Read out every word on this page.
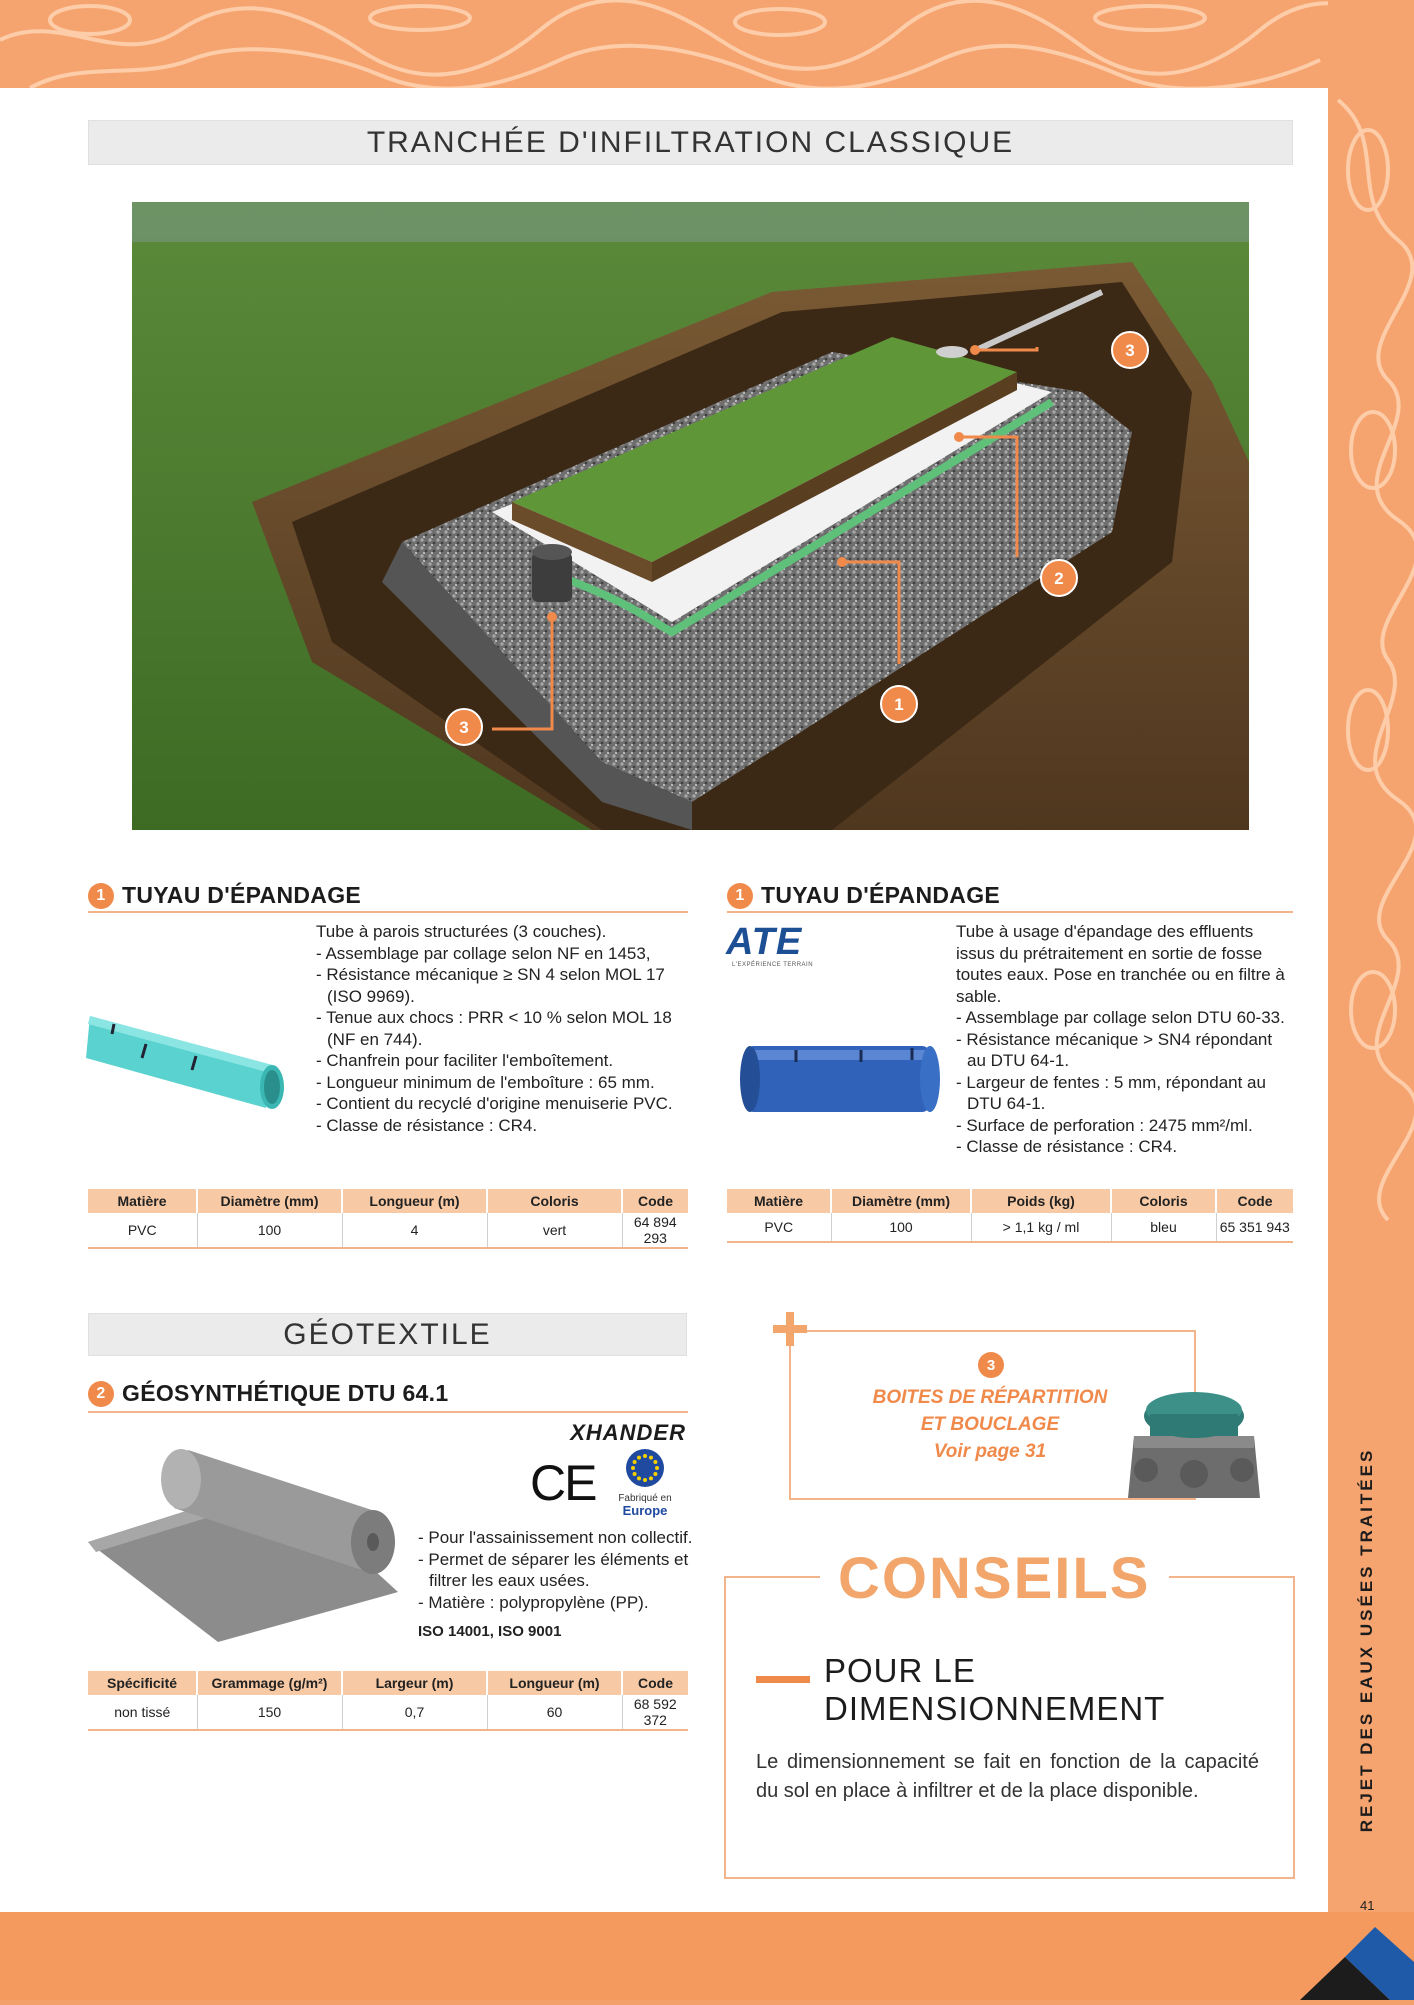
TRANCHÉE D'INFILTRATION CLASSIQUE
3
2
1
3
1 TUYAU D'ÉPANDAGE

Tube à parois structurées (3 couches).

- Assemblage par collage selon NF en 1453,

- Résistance mécanique ≥ SN 4 selon MOL 17 (ISO 9969).

- Tenue aux chocs : PRR < 10 % selon MOL 18 (NF en 744).

- Chanfrein pour faciliter l'emboîtement.

- Longueur minimum de l'emboîture : 65 mm.

- Contient du recyclé d'origine menuiserie PVC.

- Classe de résistance : CR4.

Matière	Diamètre (mm)	Longueur (m)	Coloris	Code
PVC	100	4	vert	64 894 293
1 TUYAU D'ÉPANDAGE
ATE
L'EXPÉRIENCE TERRAIN

Tube à usage d'épandage des effluents issus du prétraitement en sortie de fosse toutes eaux. Pose en tranchée ou en filtre à sable.

- Assemblage par collage selon DTU 60-33.

- Résistance mécanique > SN4 répondant au DTU 64-1.

- Largeur de fentes : 5 mm, répondant au DTU 64-1.

- Surface de perforation : 2475 mm²/ml.

- Classe de résistance : CR4.

Matière	Diamètre (mm)	Poids (kg)	Coloris	Code
PVC	100	> 1,1 kg / ml	bleu	65 351 943
GÉOTEXTILE
2 GÉOSYNTHÉTIQUE DTU 64.1
XHANDER
CE	Fabriqué en
Europe

- Pour l'assainissement non collectif.

- Permet de séparer les éléments et filtrer les eaux usées.

- Matière : polypropylène (PP).

ISO 14001, ISO 9001

Spécificité	Grammage (g/m²)	Largeur (m)	Longueur (m)	Code
non tissé	150	0,7	60	68 592 372
3
BOITES DE RÉPARTITION
ET BOUCLAGE
Voir page 31
CONSEILS
POUR LE
DIMENSIONNEMENT
Le dimensionnement se fait en fonction de la capacité du sol en place à infiltrer et de la place disponible.	REJET DES EAUX USÉES TRAITÉES
41
